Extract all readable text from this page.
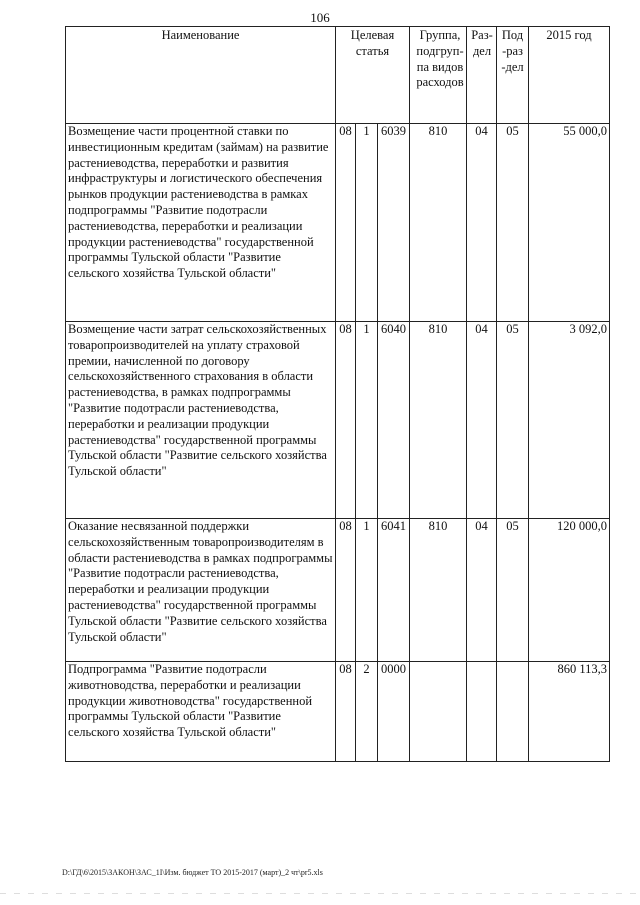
106
Наименование	Целевая статья			Группа, подгруп-па видов расходов	Раз-дел	Под-раз-дел	2015 год
Возмещение части процентной ставки по инвестиционным кредитам (займам) на развитие растениеводства, переработки и развития инфраструктуры и логистического обеспечения рынков продукции растениеводства в рамках подпрограммы "Развитие подотрасли растениеводства, переработки и реализации продукции растениеводства" государственной программы Тульской области "Развитие сельского хозяйства Тульской области"	08	1	6039	810	04	05	55 000,0
Возмещение части затрат сельскохозяйственных товаропроизводителей на уплату страховой премии, начисленной по договору сельскохозяйственного страхования в области растениеводства, в рамках подпрограммы "Развитие подотрасли растениеводства, переработки и реализации продукции растениеводства" государственной программы Тульской области "Развитие сельского хозяйства Тульской области"	08	1	6040	810	04	05	3 092,0
Оказание несвязанной поддержки сельскохозяйственным товаропроизводителям в области растениеводства в рамках подпрограммы "Развитие подотрасли растениеводства, переработки и реализации продукции растениеводства" государственной программы Тульской области "Развитие сельского хозяйства Тульской области"	08	1	6041	810	04	05	120 000,0
Подпрограмма "Развитие подотрасли животноводства, переработки и реализации продукции животноводства" государственной программы Тульской области "Развитие сельского хозяйства Тульской области"	08	2	0000				860 113,3
D:\ГД\6\2015\ЗАКОН\ЗАС_1I\Изм. бюджет ТО 2015-2017 (март)_2 чт\pr5.xls
